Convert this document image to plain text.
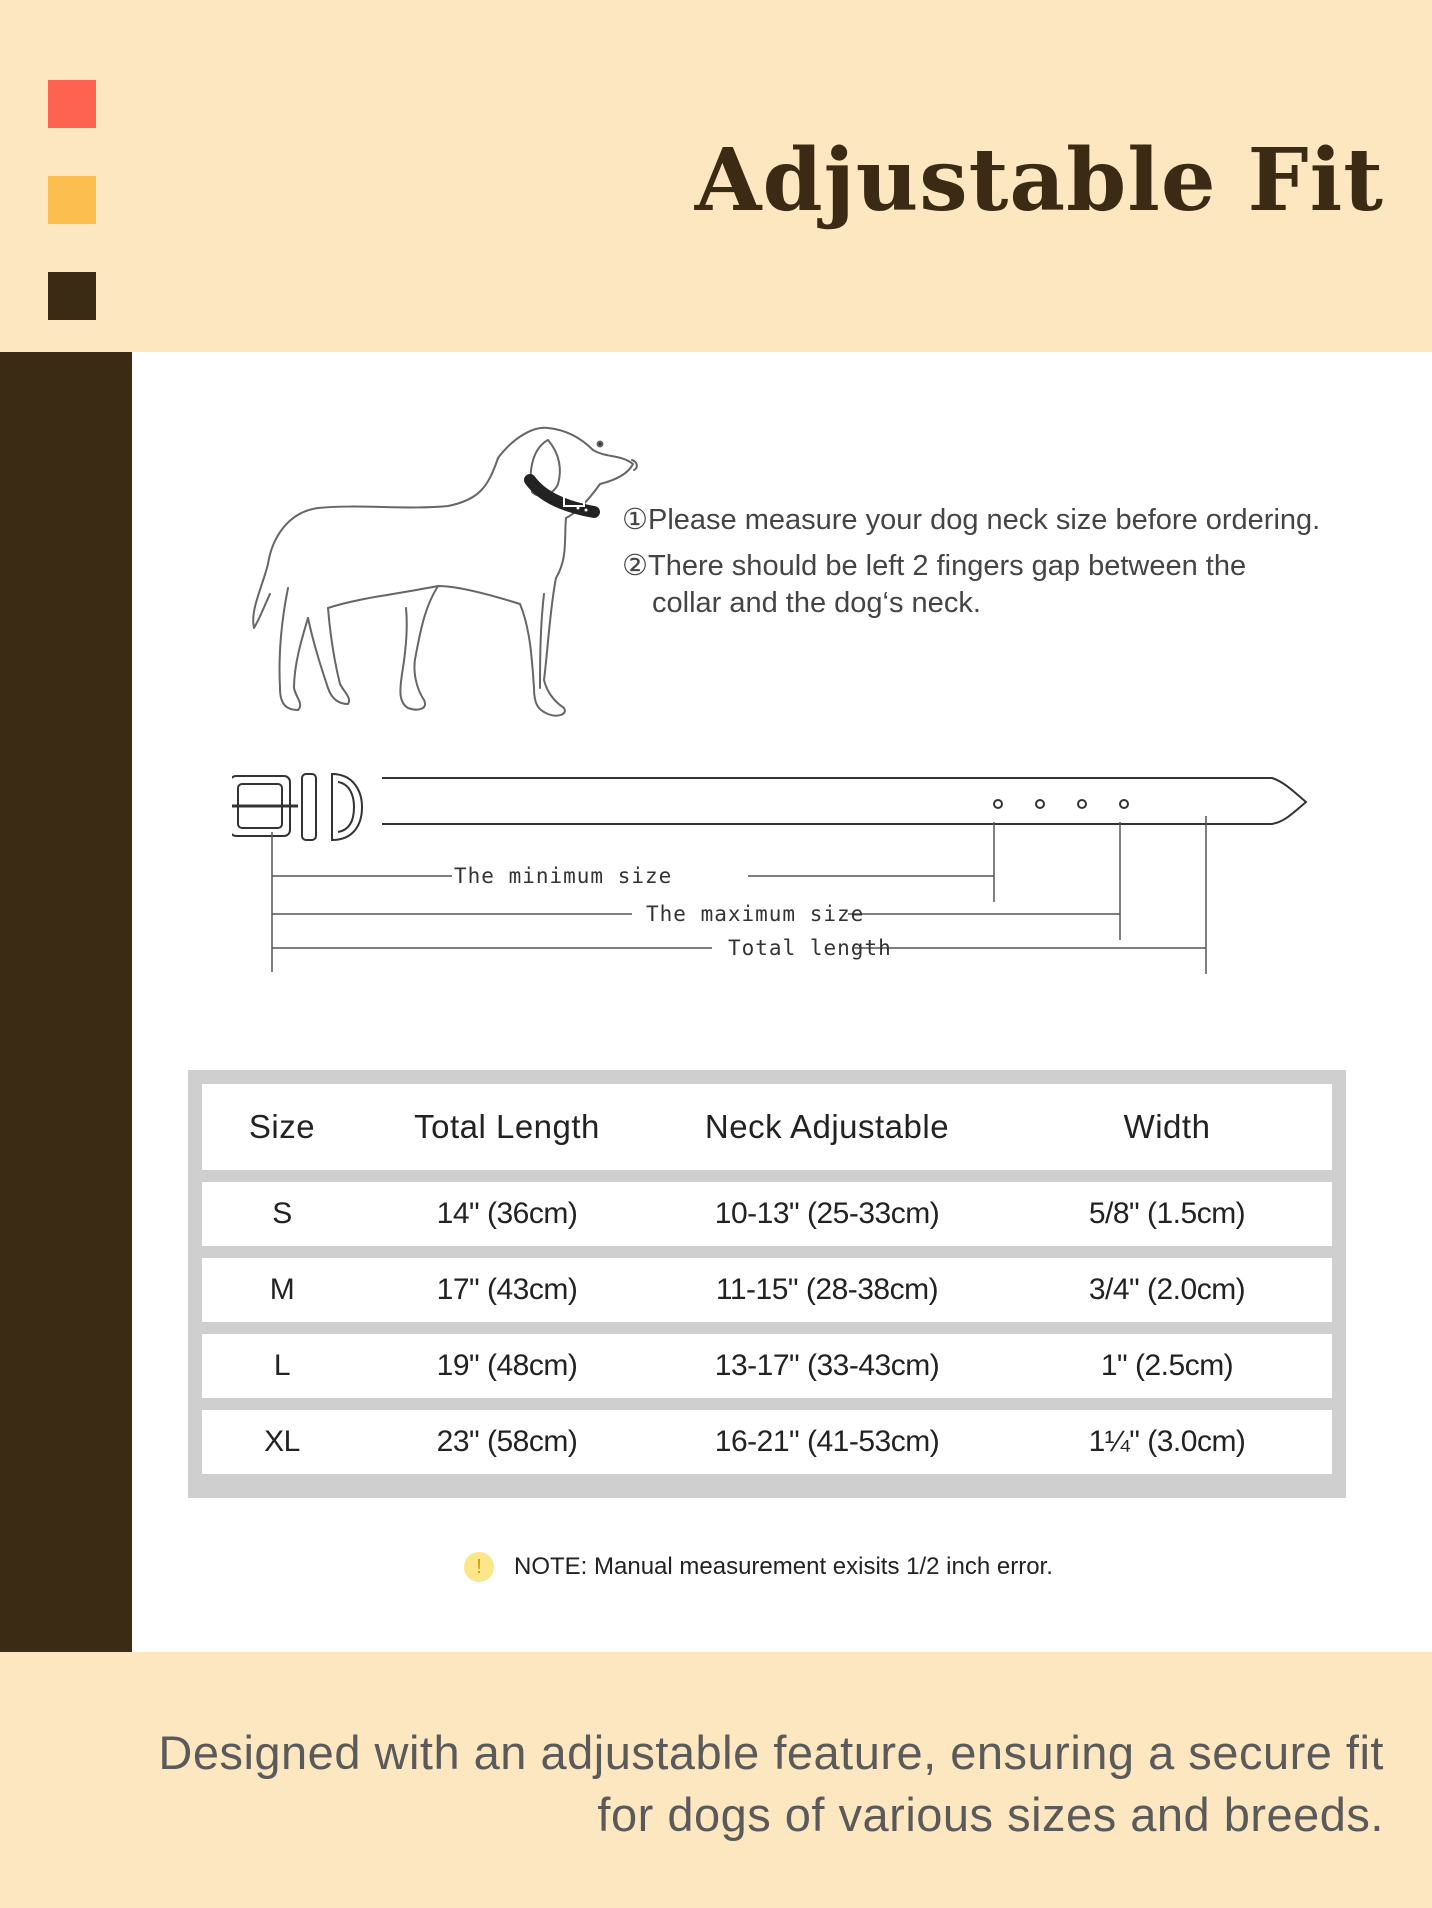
Adjustable Fit

①Please measure your dog neck size before ordering.

②There should be left 2 fingers gap between the

collar and the dog‘s neck.
The minimum size
The maximum size
Total length
Size	Total Length	Neck Adjustable	Width
S	14" (36cm)	10-13" (25-33cm)	5/8" (1.5cm)
M	17" (43cm)	11-15" (28-38cm)	3/4" (2.0cm)
L	19" (48cm)	13-17" (33-43cm)	1" (2.5cm)
XL	23" (58cm)	16-21" (41-53cm)	1¼" (3.0cm)
!	NOTE: Manual measurement exisits 1/2 inch error.
Designed with an adjustable feature, ensuring a secure fit
for dogs of various sizes and breeds.
